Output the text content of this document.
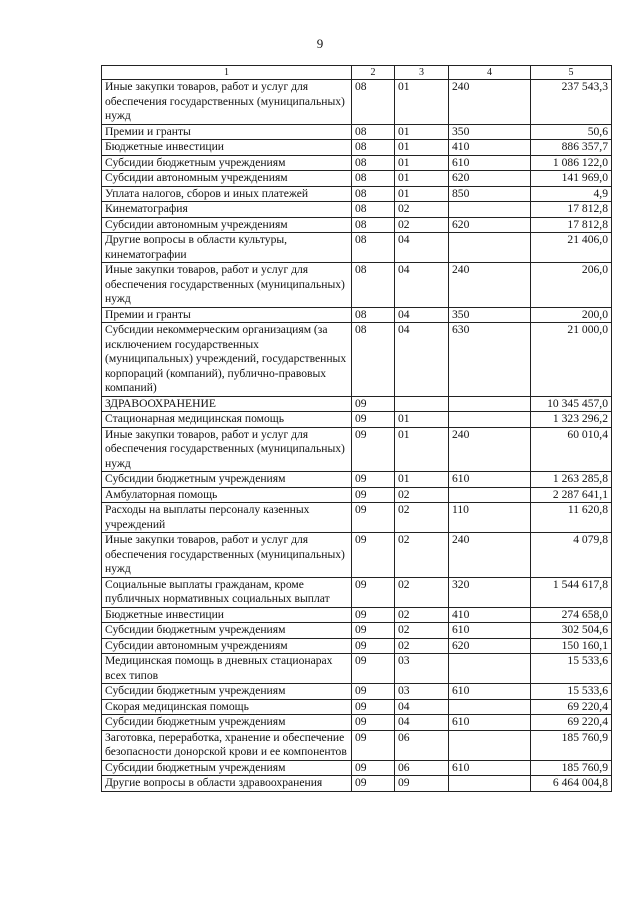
9
1	2	3	4	5
Иные закупки товаров, работ и услуг для обеспечения государственных (муниципальных) нужд	08	01	240	237 543,3
Премии и гранты	08	01	350	50,6
Бюджетные инвестиции	08	01	410	886 357,7
Субсидии бюджетным учреждениям	08	01	610	1 086 122,0
Субсидии автономным учреждениям	08	01	620	141 969,0
Уплата налогов, сборов и иных платежей	08	01	850	4,9
Кинематография	08	02		17 812,8
Субсидии автономным учреждениям	08	02	620	17 812,8
Другие вопросы в области культуры, кинематографии	08	04		21 406,0
Иные закупки товаров, работ и услуг для обеспечения государственных (муниципальных) нужд	08	04	240	206,0
Премии и гранты	08	04	350	200,0
Субсидии некоммерческим организациям (за исключением государственных (муниципальных) учреждений, государственных корпораций (компаний), публично-правовых компаний)	08	04	630	21 000,0
ЗДРАВООХРАНЕНИЕ	09			10 345 457,0
Стационарная медицинская помощь	09	01		1 323 296,2
Иные закупки товаров, работ и услуг для обеспечения государственных (муниципальных) нужд	09	01	240	60 010,4
Субсидии бюджетным учреждениям	09	01	610	1 263 285,8
Амбулаторная помощь	09	02		2 287 641,1
Расходы на выплаты персоналу казенных учреждений	09	02	110	11 620,8
Иные закупки товаров, работ и услуг для обеспечения государственных (муниципальных) нужд	09	02	240	4 079,8
Социальные выплаты гражданам, кроме публичных нормативных социальных выплат	09	02	320	1 544 617,8
Бюджетные инвестиции	09	02	410	274 658,0
Субсидии бюджетным учреждениям	09	02	610	302 504,6
Субсидии автономным учреждениям	09	02	620	150 160,1
Медицинская помощь в дневных стационарах всех типов	09	03		15 533,6
Субсидии бюджетным учреждениям	09	03	610	15 533,6
Скорая медицинская помощь	09	04		69 220,4
Субсидии бюджетным учреждениям	09	04	610	69 220,4
Заготовка, переработка, хранение и обеспечение безопасности донорской крови и ее компонентов	09	06		185 760,9
Субсидии бюджетным учреждениям	09	06	610	185 760,9
Другие вопросы в области здравоохранения	09	09		6 464 004,8
